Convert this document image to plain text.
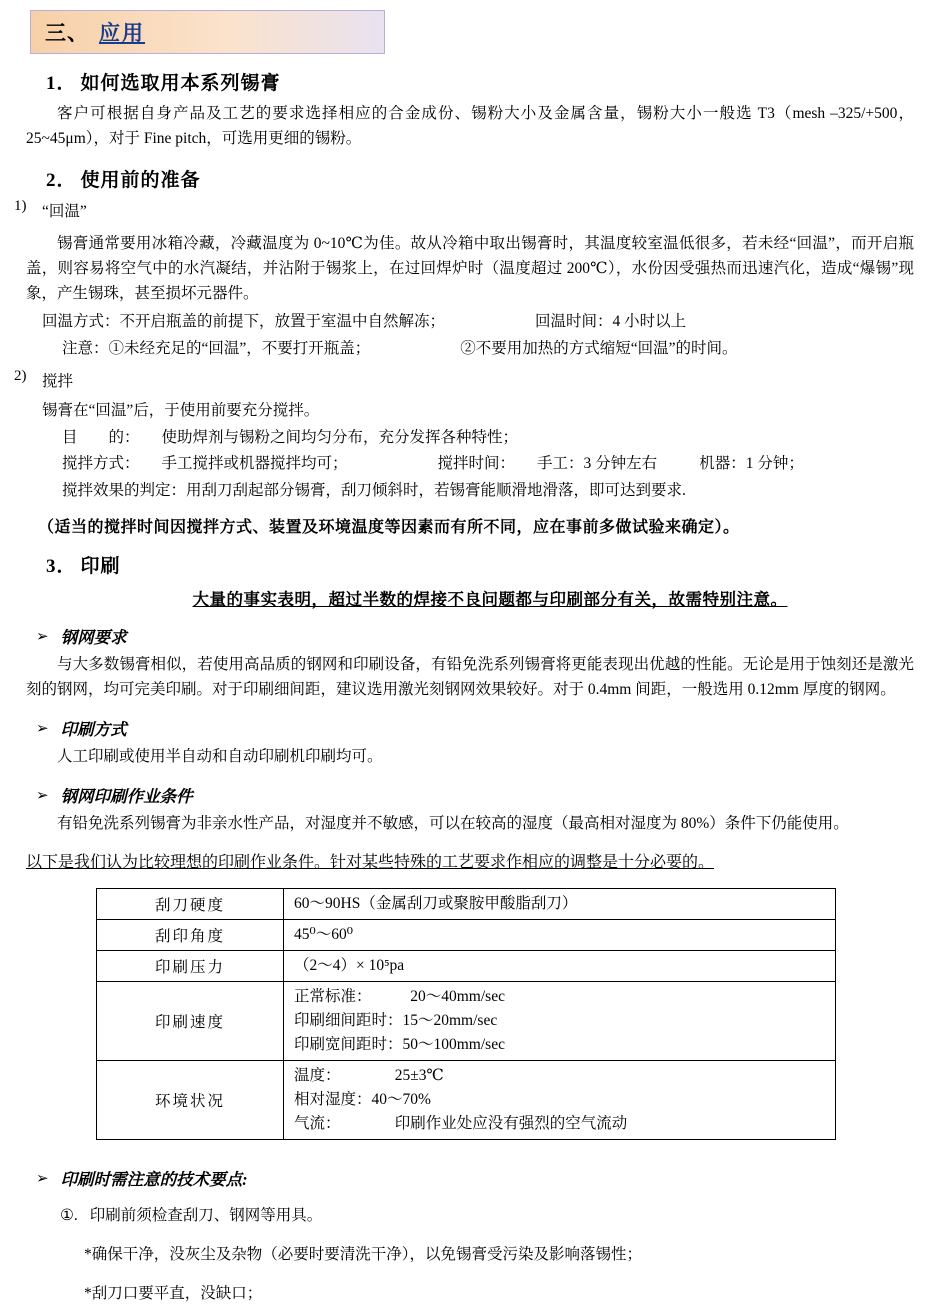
三、 应用
1． 如何选取用本系列锡膏

客户可根据自身产品及工艺的要求选择相应的合金成份、锡粉大小及金属含量，锡粉大小一般选 T3（mesh –325/+500，25~45μm），对于 Fine pitch，可选用更细的锡粉。

2． 使用前的准备
1)	“回温”

锡膏通常要用冰箱冷藏，冷藏温度为 0~10℃为佳。故从冷箱中取出锡膏时，其温度较室温低很多，若未经“回温”，而开启瓶盖，则容易将空气中的水汽凝结，并沾附于锡浆上，在过回焊炉时（温度超过 200℃），水份因受强热而迅速汽化，造成“爆锡”现象，产生锡珠，甚至损坏元器件。

回温方式：不开启瓶盖的前提下，放置于室温中自然解冻；	回温时间：4 小时以上
注意：①未经充足的“回温”，不要打开瓶盖；	②不要用加热的方式缩短“回温”的时间。
2)	搅拌
锡膏在“回温”后，于使用前要充分搅拌。
目　　的： 使助焊剂与锡粉之间均匀分布，充分发挥各种特性；
搅拌方式： 手工搅拌或机器搅拌均可；	搅拌时间： 手工：3 分钟左右	机器：1 分钟；
搅拌效果的判定：用刮刀刮起部分锡膏，刮刀倾斜时，若锡膏能顺滑地滑落，即可达到要求.
（适当的搅拌时间因搅拌方式、装置及环境温度等因素而有所不同，应在事前多做试验来确定）。
3． 印刷
大量的事实表明，超过半数的焊接不良问题都与印刷部分有关，故需特别注意。
➢ 钢网要求

与大多数锡膏相似，若使用高品质的钢网和印刷设备，有铅免洗系列锡膏将更能表现出优越的性能。无论是用于蚀刻还是激光刻的钢网，均可完美印刷。对于印刷细间距，建议选用激光刻钢网效果较好。对于 0.4mm 间距，一般选用 0.12mm 厚度的钢网。

➢ 印刷方式

人工印刷或使用半自动和自动印刷机印刷均可。

➢ 钢网印刷作业条件

有铅免洗系列锡膏为非亲水性产品，对湿度并不敏感，可以在较高的湿度（最高相对湿度为 80%）条件下仍能使用。

以下是我们认为比较理想的印刷作业条件。针对某些特殊的工艺要求作相应的调整是十分必要的。
刮刀硬度	60～90HS（金属刮刀或聚胺甲酸脂刮刀）

刮印角度	45⁰～60⁰

印刷压力	（2～4）× 10⁵pa

印刷速度	正常标准：　　　20～40mm/sec
印刷细间距时：15～20mm/sec
印刷宽间距时：50～100mm/sec

环境状况	温度：　　　　25±3℃
相对湿度：40～70%
气流：　　　　印刷作业处应没有强烈的空气流动
➢ 印刷时需注意的技术要点:
①. 印刷前须检查刮刀、钢网等用具。
*确保干净，没灰尘及杂物（必要时要清洗干净），以免锡膏受污染及影响落锡性；
*刮刀口要平直，没缺口；
